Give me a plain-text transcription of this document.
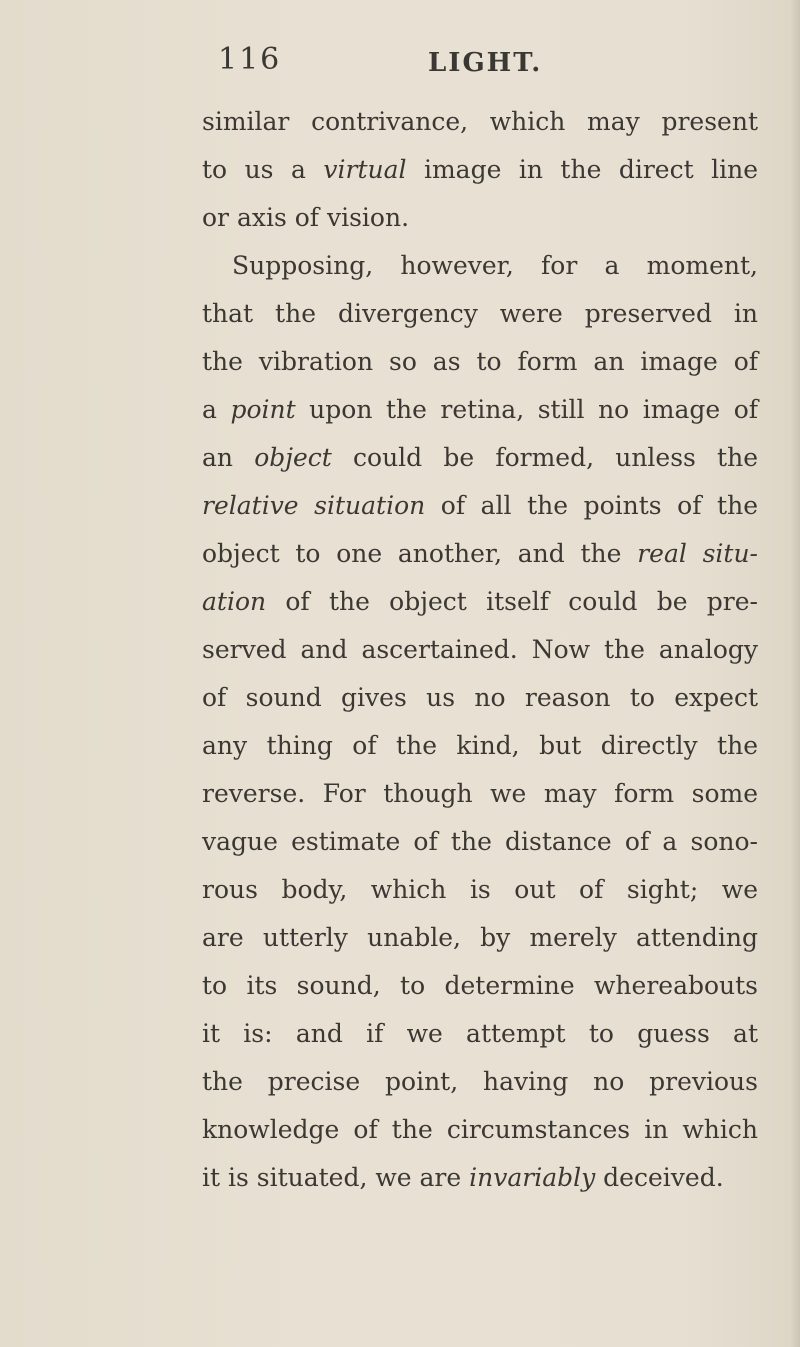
116	LIGHT.
similar contrivance, which may present
to us a virtual image in the direct line
or axis of vision.
Supposing, however, for a moment,
that the divergency were preserved in
the vibration so as to form an image of
a point upon the retina, still no image of
an object could be formed, unless the
relative situation of all the points of the
object to one another, and the real situ-
ation of the object itself could be pre-
served and ascertained. Now the analogy
of sound gives us no reason to expect
any thing of the kind, but directly the
reverse. For though we may form some
vague estimate of the distance of a sono-
rous body, which is out of sight; we
are utterly unable, by merely attending
to its sound, to determine whereabouts
it is: and if we attempt to guess at
the precise point, having no previous
knowledge of the circumstances in which
it is situated, we are invariably deceived.
